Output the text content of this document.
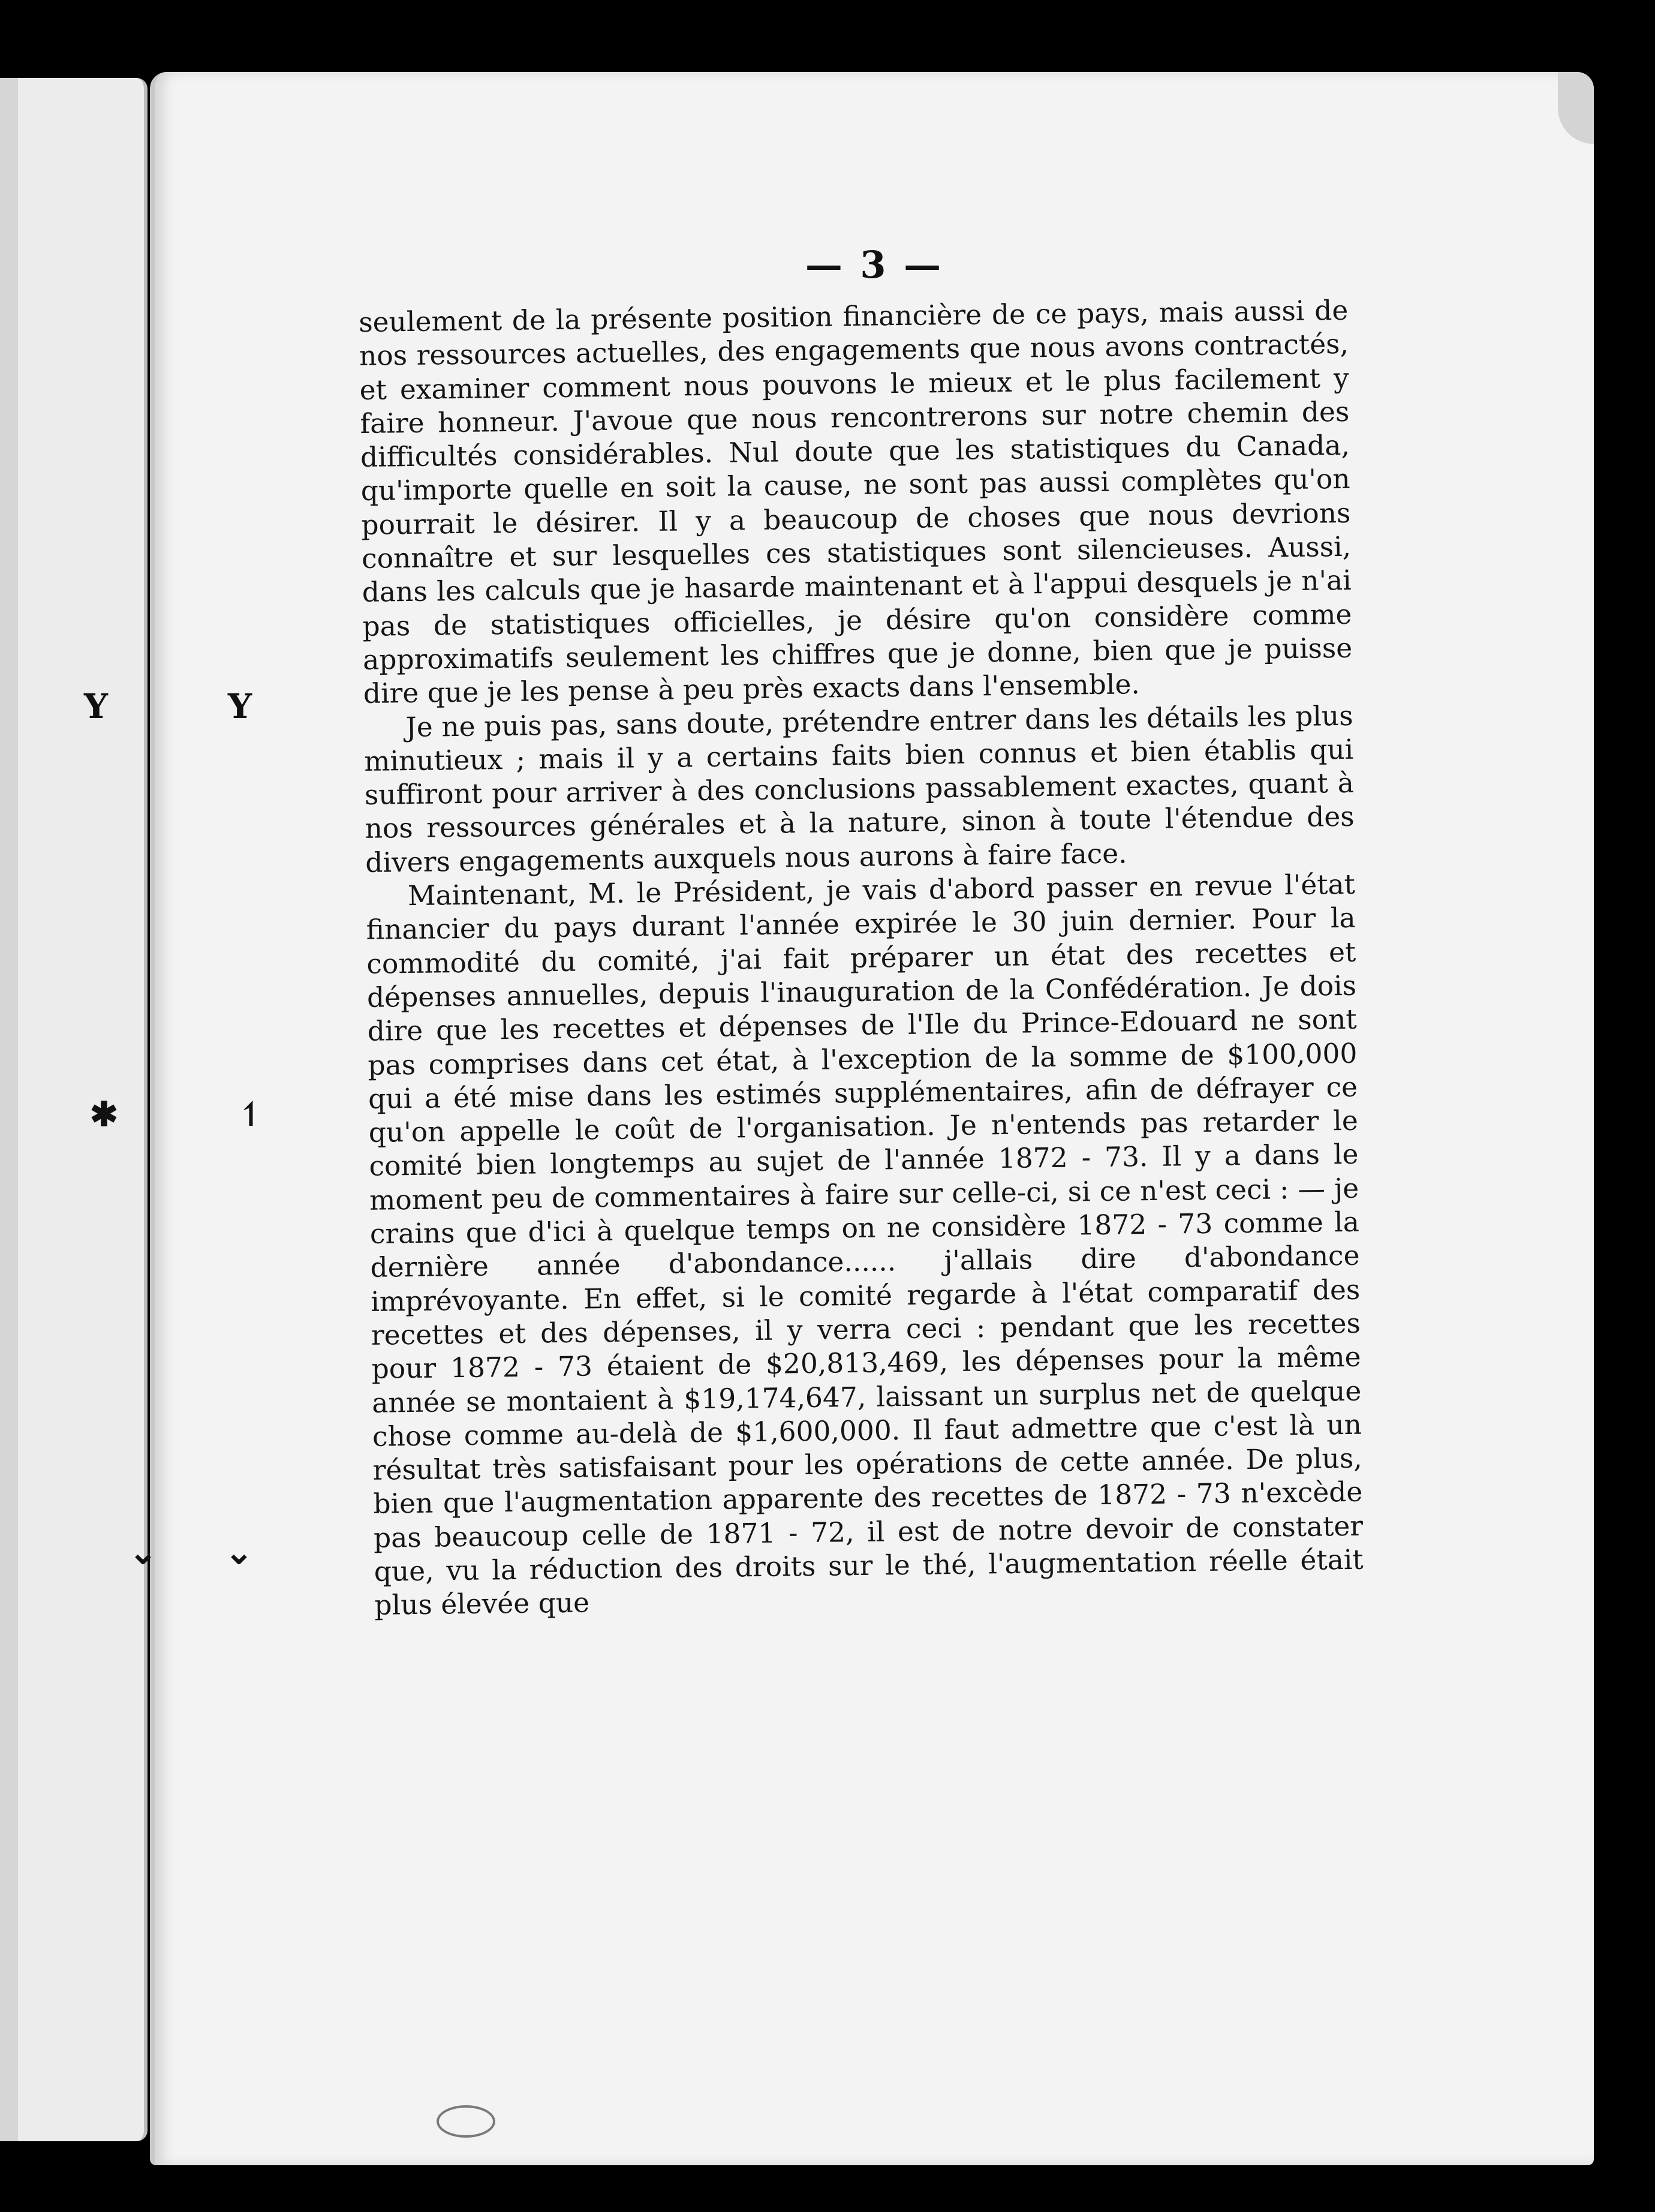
— 3 —

seulement de la présente position financière de ce pays, mais aussi de nos ressources actuelles, des engagements que nous avons contractés, et examiner comment nous pouvons le mieux et le plus facilement y faire honneur. J'avoue que nous rencontrerons sur notre chemin des difficultés considérables. Nul doute que les statistiques du Canada, qu'importe quelle en soit la cause, ne sont pas aussi complètes qu'on pourrait le désirer. Il y a beaucoup de choses que nous devrions connaître et sur lesquelles ces statistiques sont silencieuses. Aussi, dans les calculs que je hasarde maintenant et à l'appui desquels je n'ai pas de statistiques officielles, je désire qu'on considère comme approximatifs seulement les chiffres que je donne, bien que je puisse dire que je les pense à peu près exacts dans l'ensemble.

Je ne puis pas, sans doute, prétendre entrer dans les détails les plus minutieux ; mais il y a certains faits bien connus et bien établis qui suffiront pour arriver à des conclusions passablement exactes, quant à nos ressources générales et à la nature, sinon à toute l'étendue des divers engagements auxquels nous aurons à faire face.

Maintenant, M. le Président, je vais d'abord passer en revue l'état financier du pays durant l'année expirée le 30 juin dernier. Pour la commodité du comité, j'ai fait préparer un état des recettes et dépenses annuelles, depuis l'inauguration de la Confédération. Je dois dire que les recettes et dépenses de l'Ile du Prince-Edouard ne sont pas comprises dans cet état, à l'exception de la somme de $100,000 qui a été mise dans les estimés supplémentaires, afin de défrayer ce qu'on appelle le coût de l'organisation. Je n'entends pas retarder le comité bien longtemps au sujet de l'année 1872 - 73. Il y a dans le moment peu de commentaires à faire sur celle-ci, si ce n'est ceci : — je crains que d'ici à quelque temps on ne considère 1872 - 73 comme la dernière année d'abondance...... j'allais dire d'abondance imprévoyante. En effet, si le comité regarde à l'état comparatif des recettes et des dépenses, il y verra ceci : pendant que les recettes pour 1872 - 73 étaient de $20,813,469, les dépenses pour la même année se montaient à $19,174,647, laissant un surplus net de quelque chose comme au-delà de $1,600,000. Il faut admettre que c'est là un résultat très satisfaisant pour les opérations de cette année. De plus, bien que l'augmentation apparente des recettes de 1872 - 73 n'excède pas beaucoup celle de 1871 - 72, il est de notre devoir de constater que, vu la réduction des droits sur le thé, l'augmentation réelle était plus élevée que

Y	Y
✱	↿
⌄ ⌄
